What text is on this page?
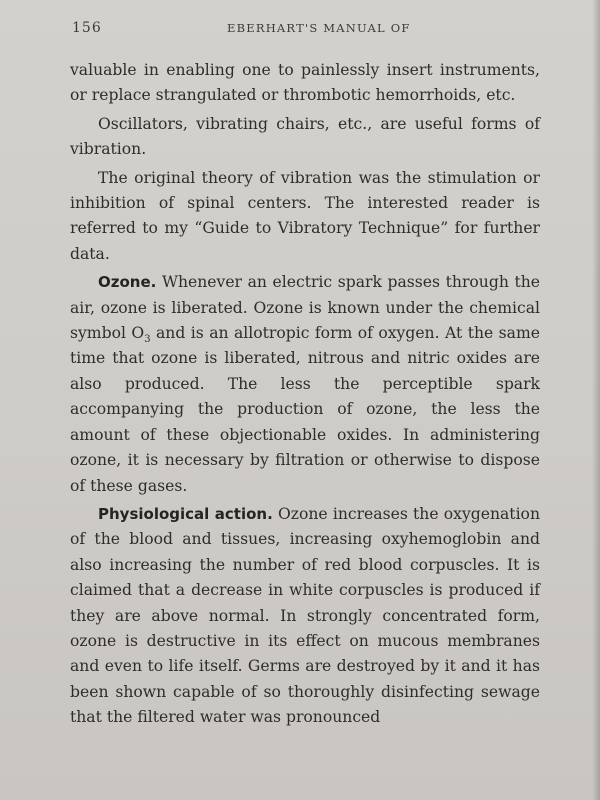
156	EBERHART'S MANUAL OF

valuable in enabling one to painlessly insert instruments, or replace strangulated or thrombotic hemorrhoids, etc.

Oscillators, vibrating chairs, etc., are useful forms of vibration.

The original theory of vibration was the stimulation or inhibition of spinal centers. The interested reader is referred to my “Guide to Vibratory Technique” for further data.

Ozone. Whenever an electric spark passes through the air, ozone is liberated. Ozone is known under the chemical symbol $O_3$ and is an allotropic form of oxygen. At the same time that ozone is liberated, nitrous and nitric oxides are also produced. The less the perceptible spark accompanying the production of ozone, the less the amount of these objectionable oxides. In administering ozone, it is necessary by filtration or otherwise to dispose of these gases.

Physiological action. Ozone increases the oxygenation of the blood and tissues, increasing oxyhemoglobin and also increasing the number of red blood corpuscles. It is claimed that a decrease in white corpuscles is produced if they are above normal. In strongly concentrated form, ozone is destructive in its effect on mucous membranes and even to life itself. Germs are destroyed by it and it has been shown capable of so thoroughly disinfecting sewage that the filtered water was pronounced
